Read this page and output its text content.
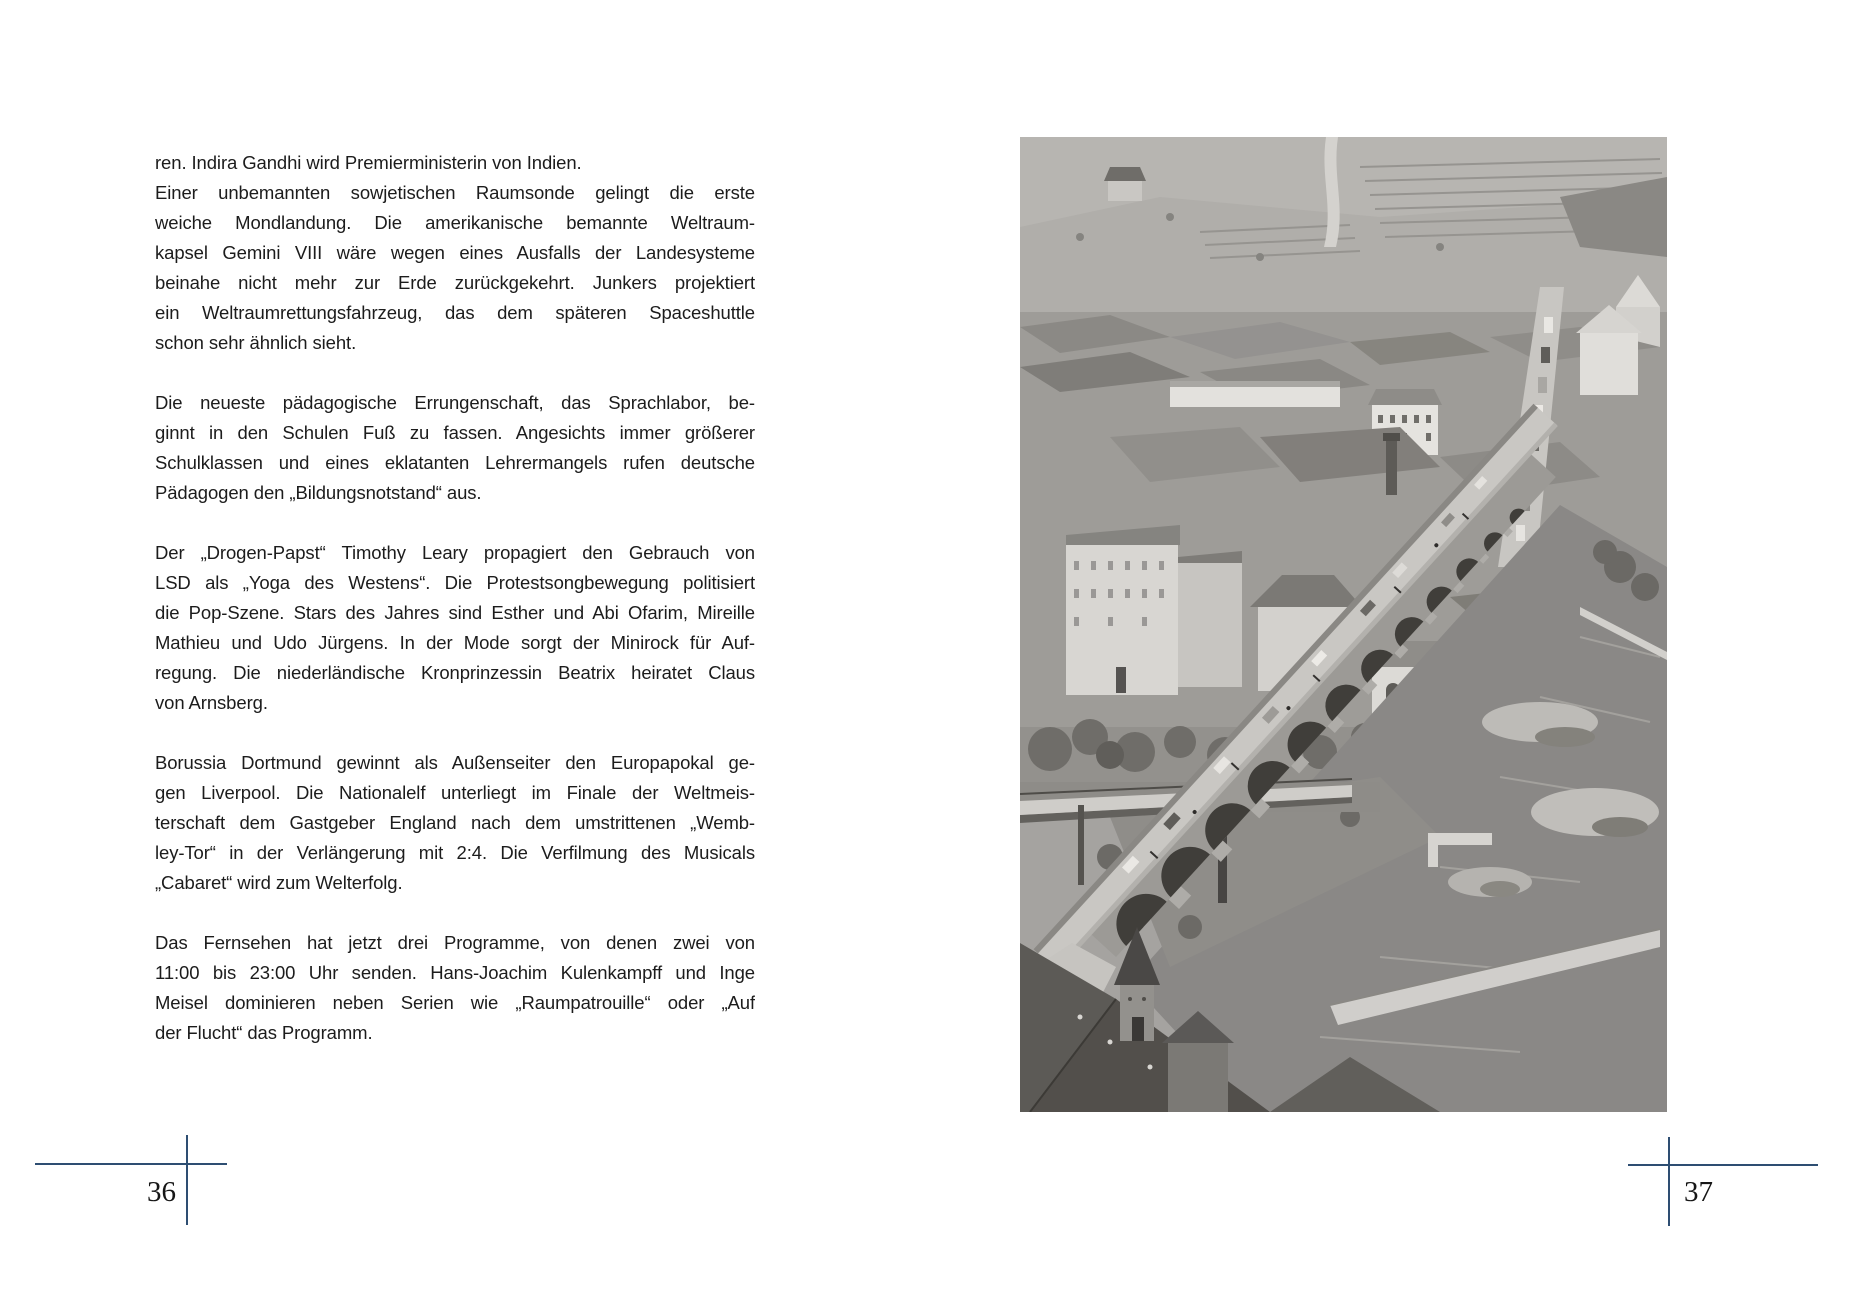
ren. Indira Gandhi wird Premierministerin von Indien.
Einer unbemannten sowjetischen Raumsonde gelingt die erste
weiche Mondlandung. Die amerikanische bemannte Weltraum-
kapsel Gemini VIII wäre wegen eines Ausfalls der Landesysteme
beinahe nicht mehr zur Erde zurückgekehrt. Junkers projektiert
ein Weltraumrettungsfahrzeug, das dem späteren Spaceshuttle
schon sehr ähnlich sieht.
Die neueste pädagogische Errungenschaft, das Sprachlabor, be-
ginnt in den Schulen Fuß zu fassen. Angesichts immer größerer
Schulklassen und eines eklatanten Lehrermangels rufen deutsche
Pädagogen den „Bildungsnotstand“ aus.
Der „Drogen-Papst“ Timothy Leary propagiert den Gebrauch von
LSD als „Yoga des Westens“. Die Protestsongbewegung politisiert
die Pop-Szene. Stars des Jahres sind Esther und Abi Ofarim, Mireille
Mathieu und Udo Jürgens. In der Mode sorgt der Minirock für Auf-
regung. Die niederländische Kronprinzessin Beatrix heiratet Claus
von Arnsberg.
Borussia Dortmund gewinnt als Außenseiter den Europapokal ge-
gen Liverpool. Die Nationalelf unterliegt im Finale der Weltmeis-
terschaft dem Gastgeber England nach dem umstrittenen „Wemb-
ley-Tor“ in der Verlängerung mit 2:4. Die Verfilmung des Musicals
„Cabaret“ wird zum Welterfolg.
Das Fernsehen hat jetzt drei Programme, von denen zwei von
11:00 bis 23:00 Uhr senden. Hans-Joachim Kulenkampff und Inge
Meisel dominieren neben Serien wie „Raumpatrouille“ oder „Auf
der Flucht“ das Programm.
36	37
